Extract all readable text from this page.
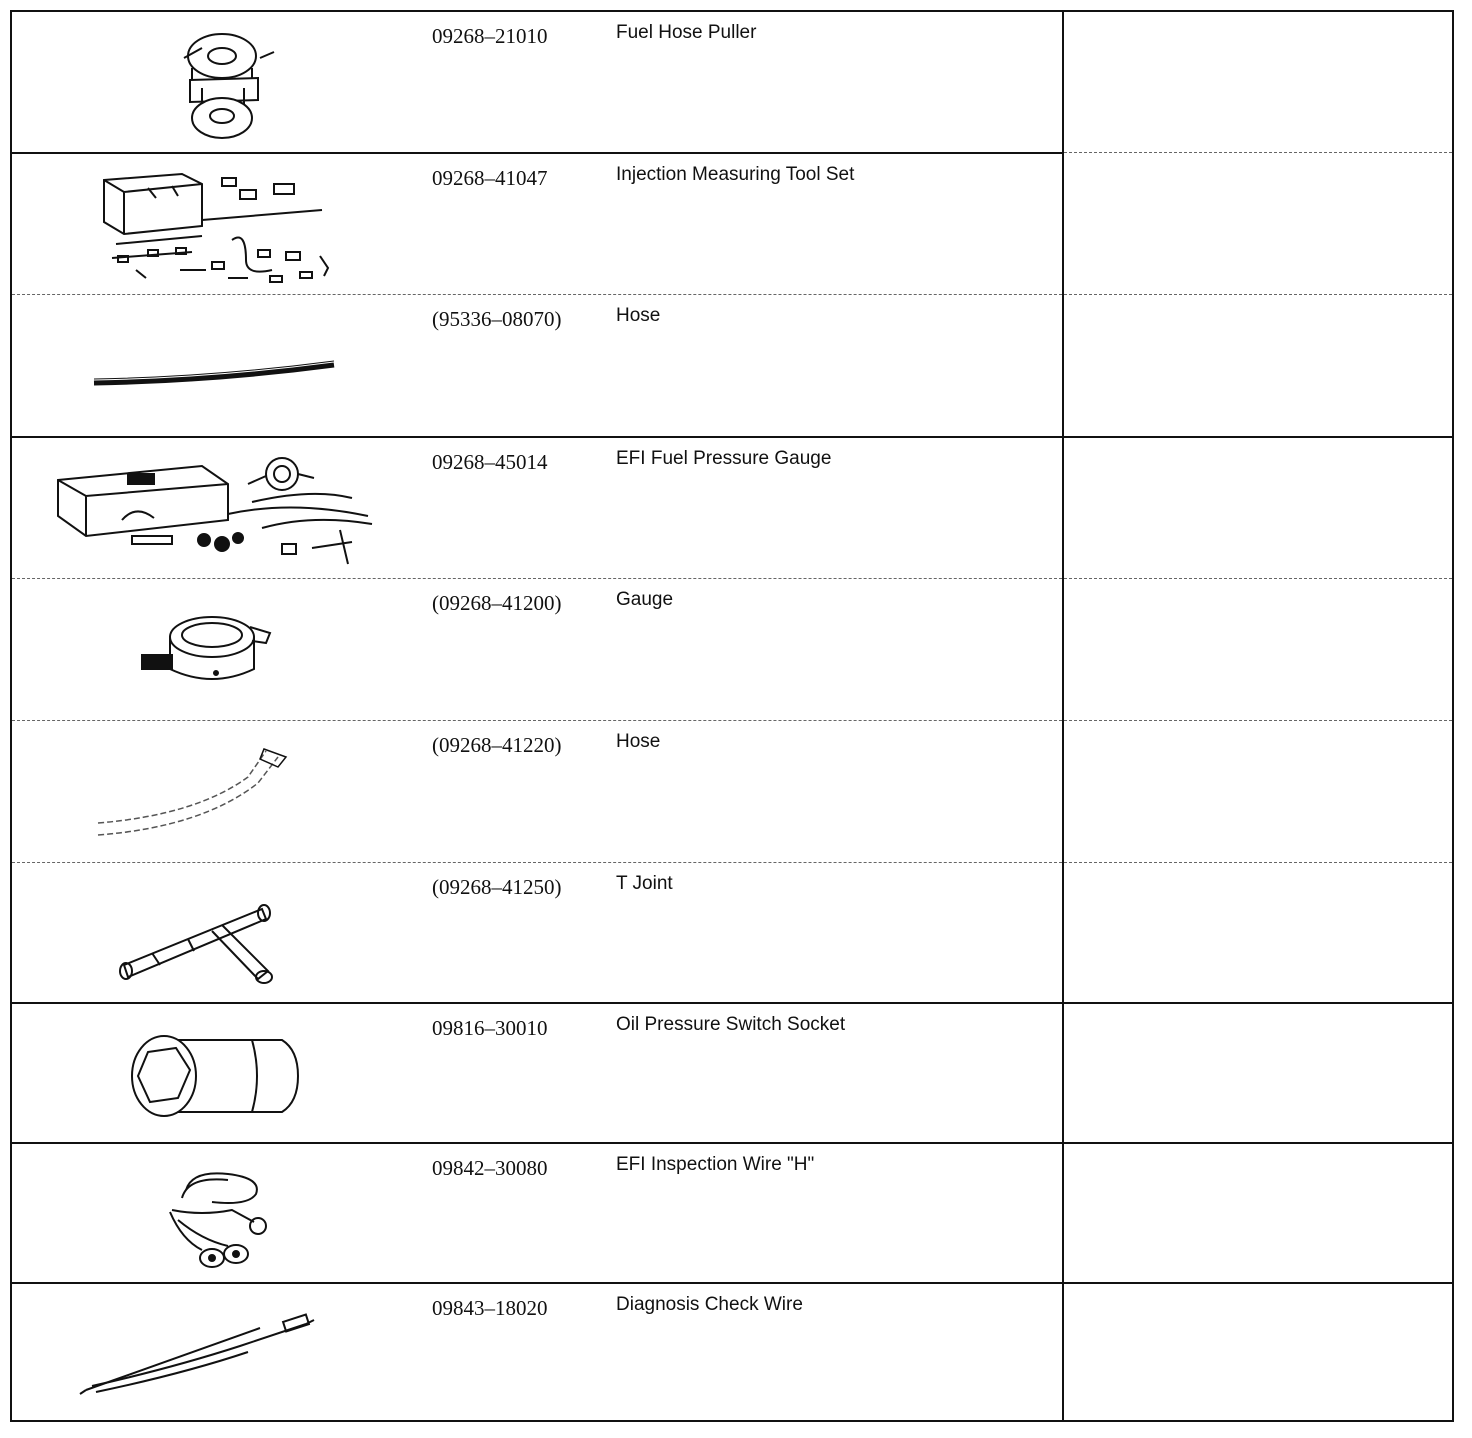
09268–21010	Fuel Hose Puller
09268–41047	Injection Measuring Tool Set
(95336–08070)	Hose
09268–45014	EFI Fuel Pressure Gauge
(09268–41200)	Gauge
(09268–41220)	Hose
(09268–41250)	T Joint
09816–30010	Oil Pressure Switch Socket
09842–30080	EFI Inspection Wire "H"
09843–18020	Diagnosis Check Wire
